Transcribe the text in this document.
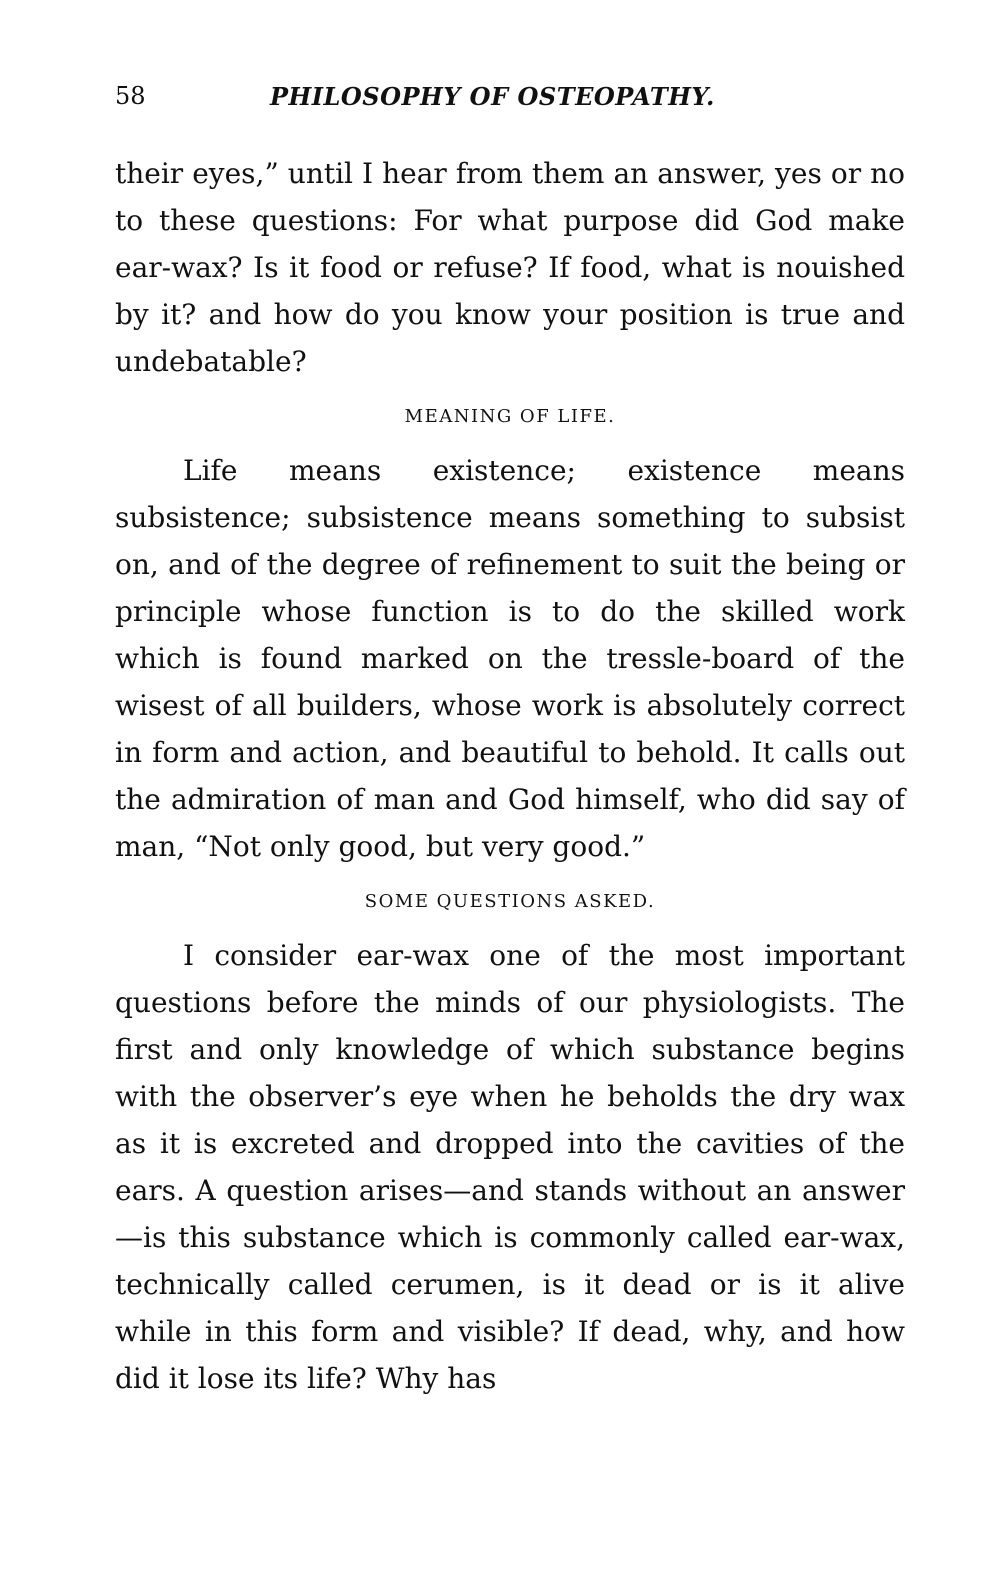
58	PHILOSOPHY OF OSTEOPATHY.

their eyes,” until I hear from them an answer, yes or no to these questions: For what purpose did God make ear-wax? Is it food or refuse? If food, what is nouished by it? and how do you know your position is true and undebatable?

MEANING OF LIFE.

Life means existence; existence means subsistence; subsistence means something to subsist on, and of the degree of refinement to suit the being or principle whose function is to do the skilled work which is found marked on the tressle-board of the wisest of all builders, whose work is absolutely correct in form and action, and beautiful to behold. It calls out the admiration of man and God himself, who did say of man, “Not only good, but very good.”

SOME QUESTIONS ASKED.

I consider ear-wax one of the most important questions before the minds of our physiologists. The first and only knowledge of which substance begins with the observer’s eye when he beholds the dry wax as it is excreted and dropped into the cavities of the ears. A question arises—and stands without an answer—is this substance which is commonly called ear-wax, technically called cerumen, is it dead or is it alive while in this form and visible? If dead, why, and how did it lose its life? Why has
